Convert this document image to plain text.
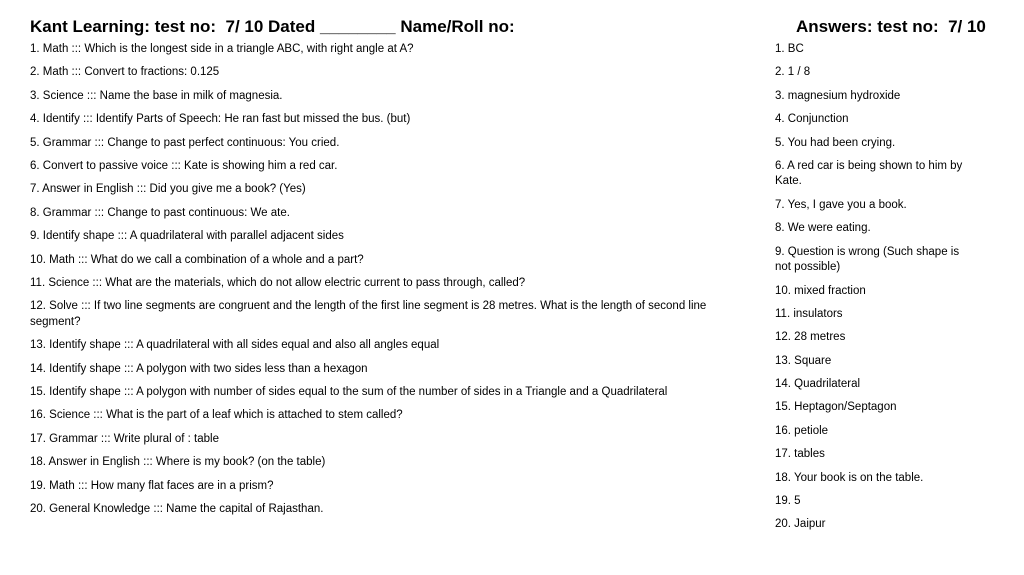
Kant Learning: test no:  7/ 10 Dated ________ Name/Roll no:	Answers: test no:  7/ 10
1. Math ::: Which is the longest side in a triangle ABC, with right angle at A?
2. Math ::: Convert to fractions: 0.125
3. Science ::: Name the base in milk of magnesia.
4. Identify ::: Identify Parts of Speech: He ran fast but missed the bus. (but)
5. Grammar ::: Change to past perfect continuous: You cried.
6. Convert to passive voice ::: Kate is showing him a red car.
7. Answer in English ::: Did you give me a book? (Yes)
8. Grammar ::: Change to past continuous: We ate.
9. Identify shape ::: A quadrilateral with parallel adjacent sides
10. Math ::: What do we call a combination of a whole and a part?
11. Science ::: What are the materials, which do not allow electric current to pass through, called?
12. Solve ::: If two line segments are congruent and the length of the first line segment is 28 metres. What is the length of second line segment?
13. Identify shape ::: A quadrilateral with all sides equal and also all angles equal
14. Identify shape ::: A polygon with two sides less than a hexagon
15. Identify shape ::: A polygon with number of sides equal to the sum of the number of sides in a Triangle and a Quadrilateral
16. Science ::: What is the part of a leaf which is attached to stem called?
17. Grammar ::: Write plural of : table
18. Answer in English ::: Where is my book? (on the table)
19. Math ::: How many flat faces are in a prism?
20. General Knowledge ::: Name the capital of Rajasthan.
1. BC
2. 1 / 8
3. magnesium hydroxide
4. Conjunction
5. You had been crying.
6. A red car is being shown to him by Kate.
7. Yes, I gave you a book.
8. We were eating.
9. Question is wrong (Such shape is not possible)
10. mixed fraction
11. insulators
12. 28 metres
13. Square
14. Quadrilateral
15. Heptagon/Septagon
16. petiole
17. tables
18. Your book is on the table.
19. 5
20. Jaipur
